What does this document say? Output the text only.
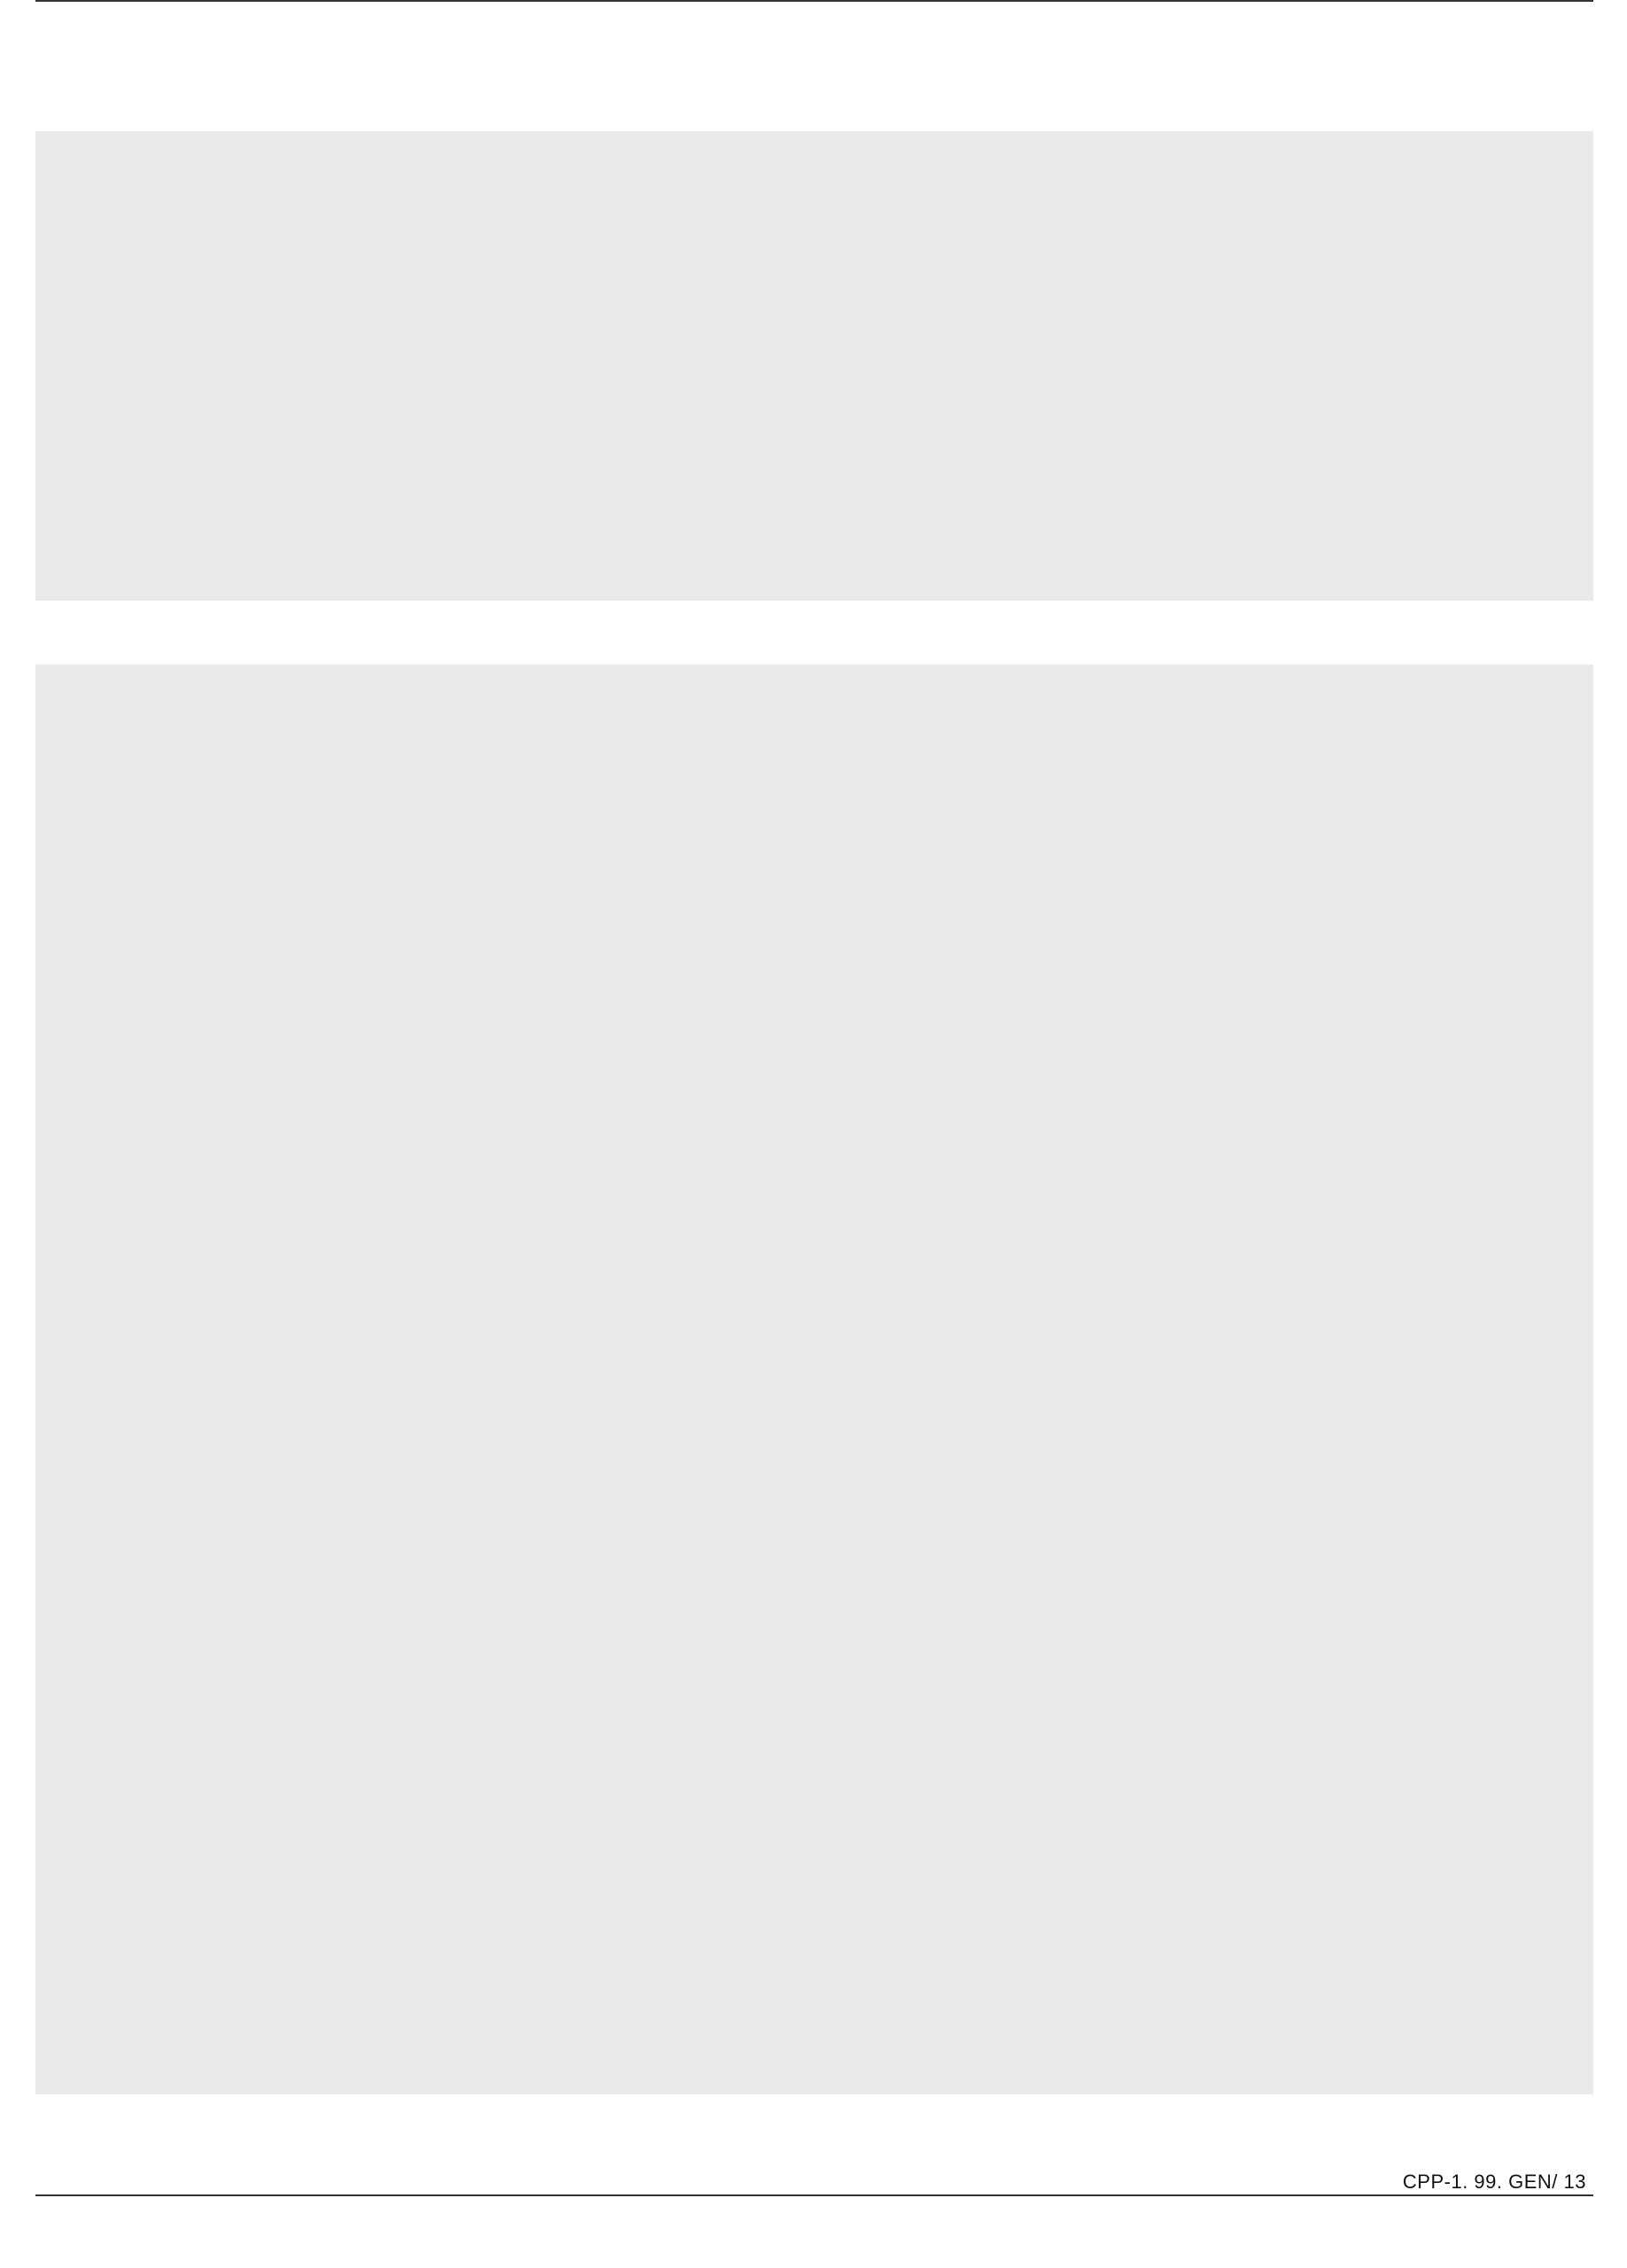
CPP-1. 99. GEN/ 13
